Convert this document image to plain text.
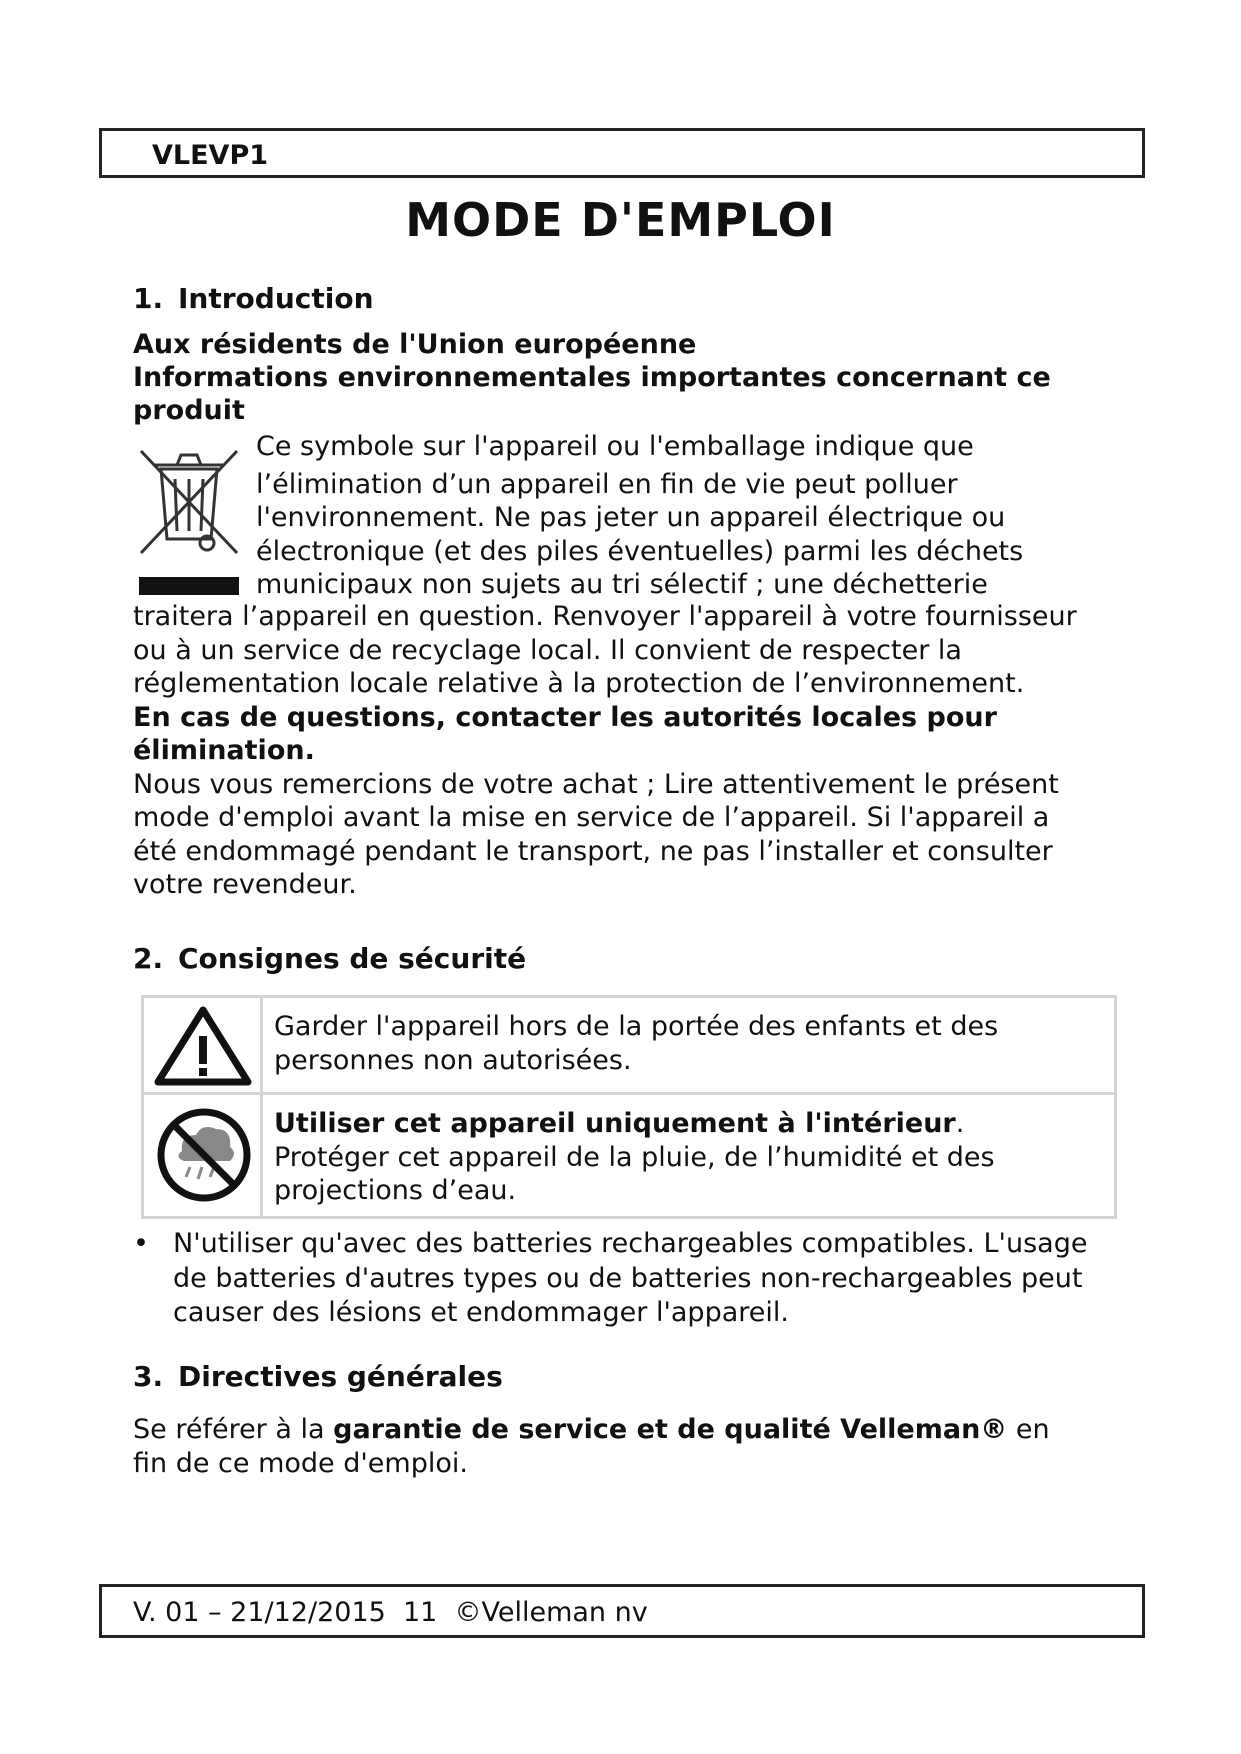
VLEVP1
MODE D'EMPLOI
1. Introduction
Aux résidents de l'Union européenne
Informations environnementales importantes concernant ce
produit
Ce symbole sur l'appareil ou l'emballage indique que
l’élimination d’un appareil en fin de vie peut polluer
l'environnement. Ne pas jeter un appareil électrique ou
électronique (et des piles éventuelles) parmi les déchets
municipaux non sujets au tri sélectif ; une déchetterie
traitera l’appareil en question. Renvoyer l'appareil à votre fournisseur
ou à un service de recyclage local. Il convient de respecter la
réglementation locale relative à la protection de l’environnement.
En cas de questions, contacter les autorités locales pour
élimination.
Nous vous remercions de votre achat ; Lire attentivement le présent
mode d'emploi avant la mise en service de l’appareil. Si l'appareil a
été endommagé pendant le transport, ne pas l’installer et consulter
votre revendeur.
2. Consignes de sécurité
Garder l'appareil hors de la portée des enfants et des
personnes non autorisées.
Utiliser cet appareil uniquement à l'intérieur.
Protéger cet appareil de la pluie, de l’humidité et des
projections d’eau.
• N'utiliser qu'avec des batteries rechargeables compatibles. L'usage
de batteries d'autres types ou de batteries non-rechargeables peut
causer des lésions et endommager l'appareil.
3. Directives générales
Se référer à la garantie de service et de qualité Velleman® en
fin de ce mode d'emploi.
V. 01 – 21/12/2015  11  ©Velleman nv
